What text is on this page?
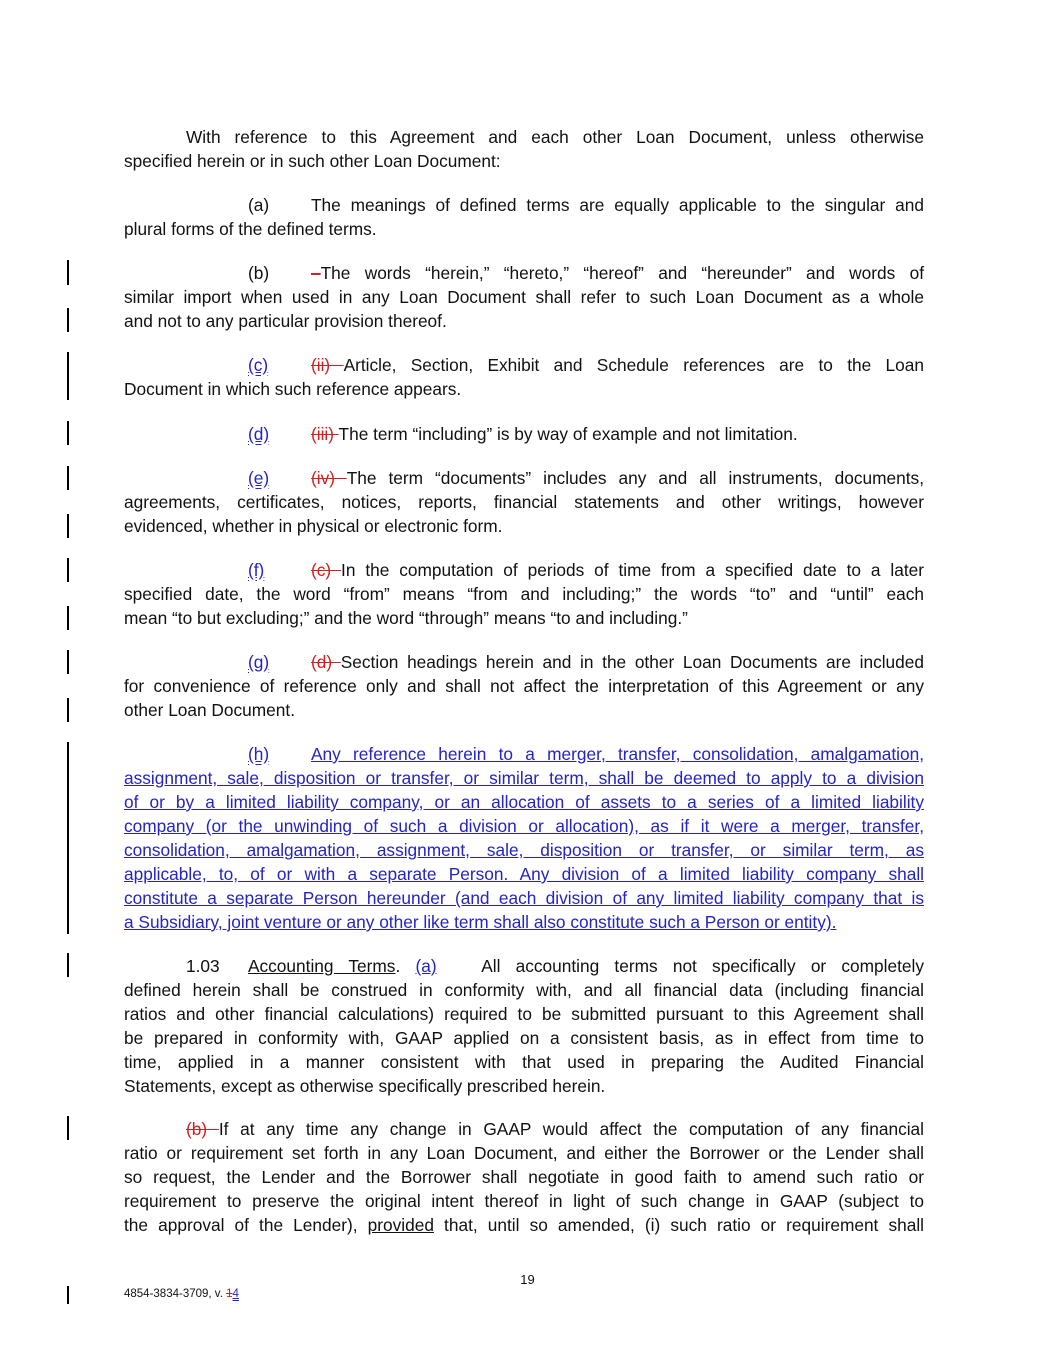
With reference to this Agreement and each other Loan Document, unless otherwise
specified herein or in such other Loan Document:
(a) The meanings of defined terms are equally applicable to the singular and
plural forms of the defined terms.
(b) –The words “herein,” “hereto,” “hereof” and “hereunder” and words of
similar import when used in any Loan Document shall refer to such Loan Document as a whole
and not to any particular provision thereof.
(c) (ii) Article, Section, Exhibit and Schedule references are to the Loan
Document in which such reference appears.
(d) (iii) The term “including” is by way of example and not limitation.
(e) (iv) The term “documents” includes any and all instruments, documents,
agreements, certificates, notices, reports, financial statements and other writings, however
evidenced, whether in physical or electronic form.
(f)	(c) In the computation of periods of time from a specified date to a later
specified date, the word “from” means “from and including;” the words “to” and “until” each
mean “to but excluding;” and the word “through” means “to and including.”
(g) (d) Section headings herein and in the other Loan Documents are included
for convenience of reference only and shall not affect the interpretation of this Agreement or any
other Loan Document.
(h) Any reference herein to a merger, transfer, consolidation, amalgamation,
assignment, sale, disposition or transfer, or similar term, shall be deemed to apply to a division
of or by a limited liability company, or an allocation of assets to a series of a limited liability
company (or the unwinding of such a division or allocation), as if it were a merger, transfer,
consolidation, amalgamation, assignment, sale, disposition or transfer, or similar term, as
applicable, to, of or with a separate Person. Any division of a limited liability company shall
constitute a separate Person hereunder (and each division of any limited liability company that is
a Subsidiary, joint venture or any other like term shall also constitute such a Person or entity).
1.03 Accounting Terms. (a)	All accounting terms not specifically or completely
defined herein shall be construed in conformity with, and all financial data (including financial
ratios and other financial calculations) required to be submitted pursuant to this Agreement shall
be prepared in conformity with, GAAP applied on a consistent basis, as in effect from time to
time, applied in a manner consistent with that used in preparing the Audited Financial
Statements, except as otherwise specifically prescribed herein.
(b) If at any time any change in GAAP would affect the computation of any financial
ratio or requirement set forth in any Loan Document, and either the Borrower or the Lender shall
so request, the Lender and the Borrower shall negotiate in good faith to amend such ratio or
requirement to preserve the original intent thereof in light of such change in GAAP (subject to
the approval of the Lender), provided that, until so amended, (i) such ratio or requirement shall
19
4854-3834-3709, v. 14
